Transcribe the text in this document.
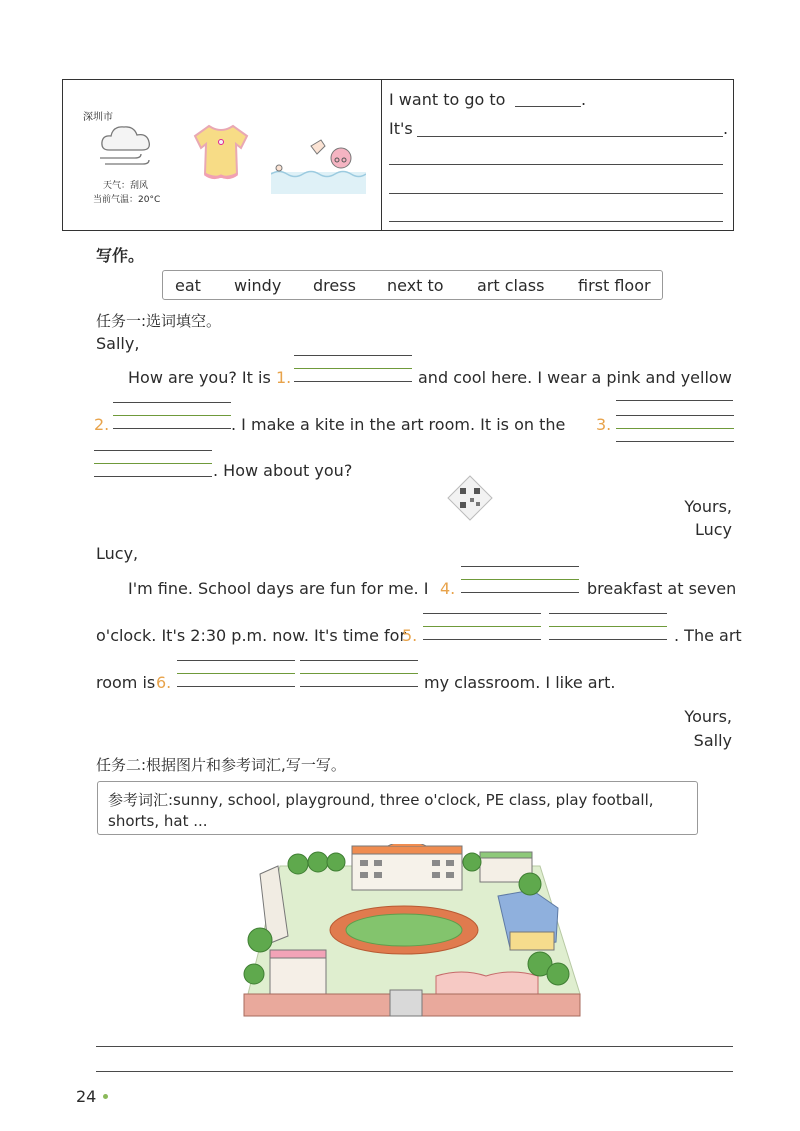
深圳市
天气：刮风
当前气温：20°C
I want to go to	.
It's	.
写作。
eat windy dress next to art class first floor
任务一:选词填空。
Sally,
How are you? It is 1.	and cool here. I wear a pink and yellow
2.	. I make a kite in the art room. It is on the 3.
. How about you?
Yours,
Lucy
Lucy,
I'm fine. School days are fun for me. I 4.	breakfast at seven
o'clock. It's 2:30 p.m. now. It's time for
5.	. The art
room is 6.	my classroom. I like art.
Yours,
Sally
任务二:根据图片和参考词汇,写一写。
参考词汇:sunny, school, playground, three o'clock, PE class, play football,
shorts, hat ...
24
